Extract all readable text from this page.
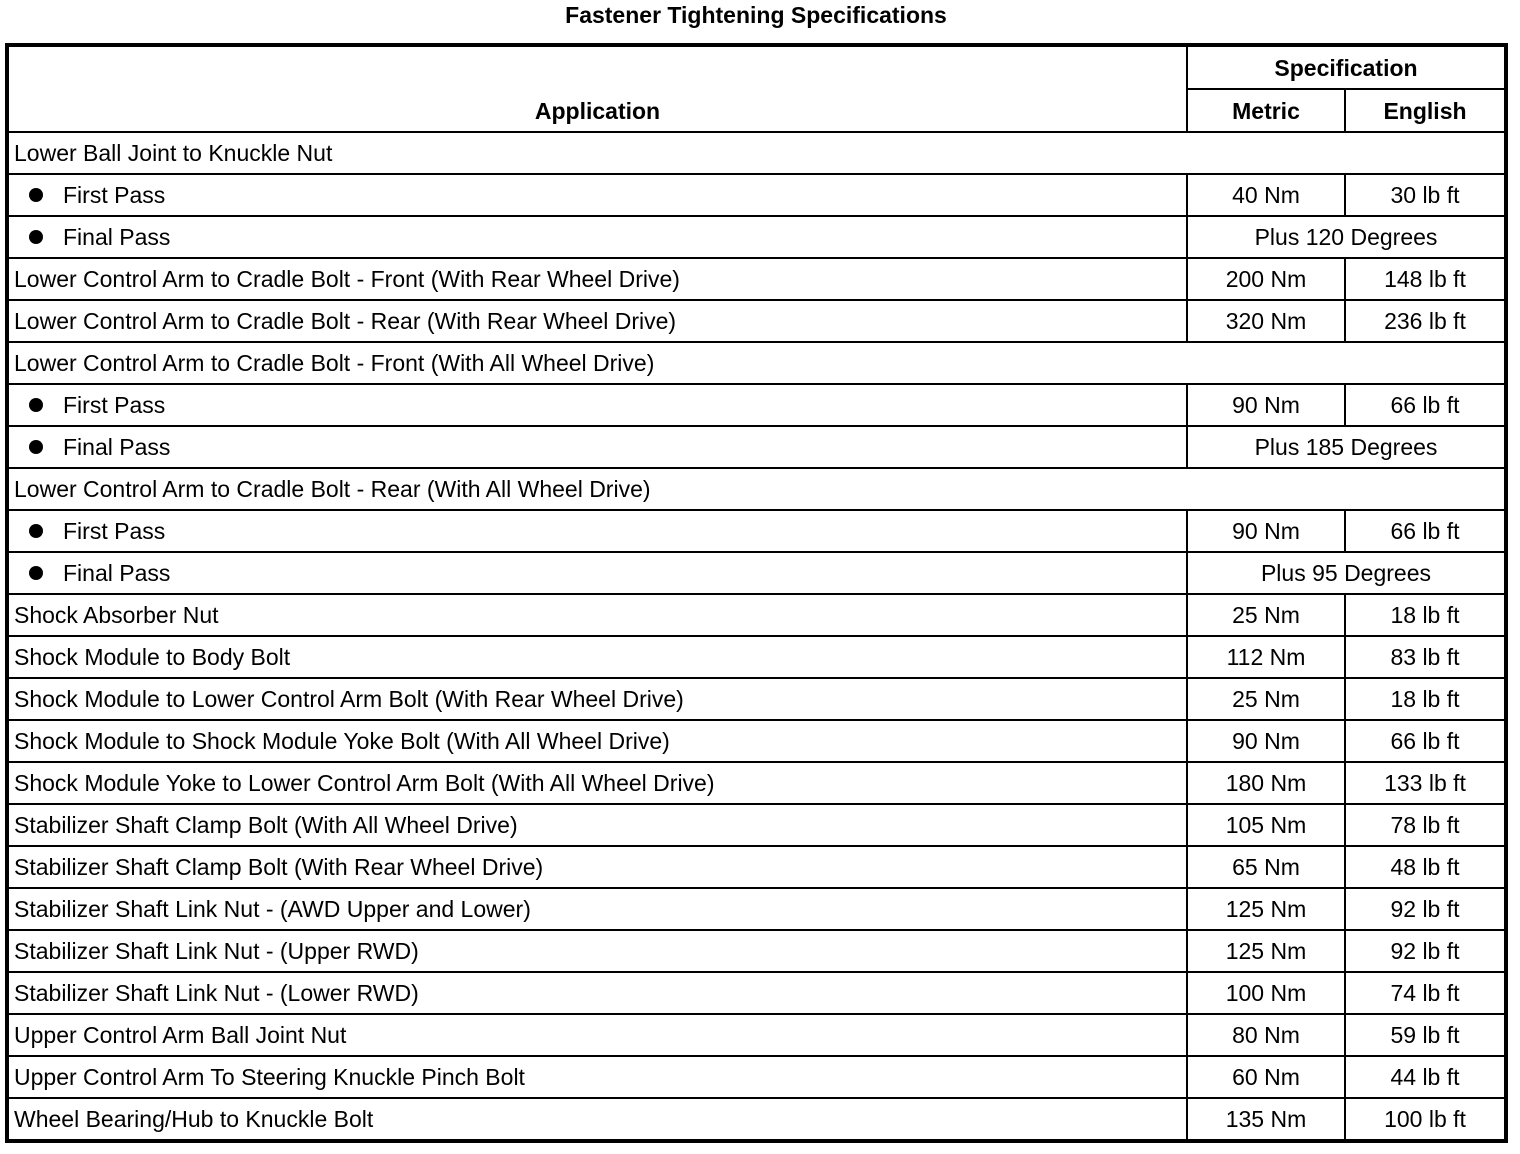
Fastener Tightening Specifications
Application	Specification	
	Metric	English
Lower Ball Joint to Knuckle Nut		
First Pass	40 Nm	30 lb ft
Final Pass	Plus 120 Degrees	
Lower Control Arm to Cradle Bolt - Front (With Rear Wheel Drive)	200 Nm	148 lb ft
Lower Control Arm to Cradle Bolt - Rear (With Rear Wheel Drive)	320 Nm	236 lb ft
Lower Control Arm to Cradle Bolt - Front (With All Wheel Drive)		
First Pass	90 Nm	66 lb ft
Final Pass	Plus 185 Degrees	
Lower Control Arm to Cradle Bolt - Rear (With All Wheel Drive)		
First Pass	90 Nm	66 lb ft
Final Pass	Plus 95 Degrees	
Shock Absorber Nut	25 Nm	18 lb ft
Shock Module to Body Bolt	112 Nm	83 lb ft
Shock Module to Lower Control Arm Bolt (With Rear Wheel Drive)	25 Nm	18 lb ft
Shock Module to Shock Module Yoke Bolt (With All Wheel Drive)	90 Nm	66 lb ft
Shock Module Yoke to Lower Control Arm Bolt (With All Wheel Drive)	180 Nm	133 lb ft
Stabilizer Shaft Clamp Bolt (With All Wheel Drive)	105 Nm	78 lb ft
Stabilizer Shaft Clamp Bolt (With Rear Wheel Drive)	65 Nm	48 lb ft
Stabilizer Shaft Link Nut - (AWD Upper and Lower)	125 Nm	92 lb ft
Stabilizer Shaft Link Nut - (Upper RWD)	125 Nm	92 lb ft
Stabilizer Shaft Link Nut - (Lower RWD)	100 Nm	74 lb ft
Upper Control Arm Ball Joint Nut	80 Nm	59 lb ft
Upper Control Arm To Steering Knuckle Pinch Bolt	60 Nm	44 lb ft
Wheel Bearing/Hub to Knuckle Bolt	135 Nm	100 lb ft
